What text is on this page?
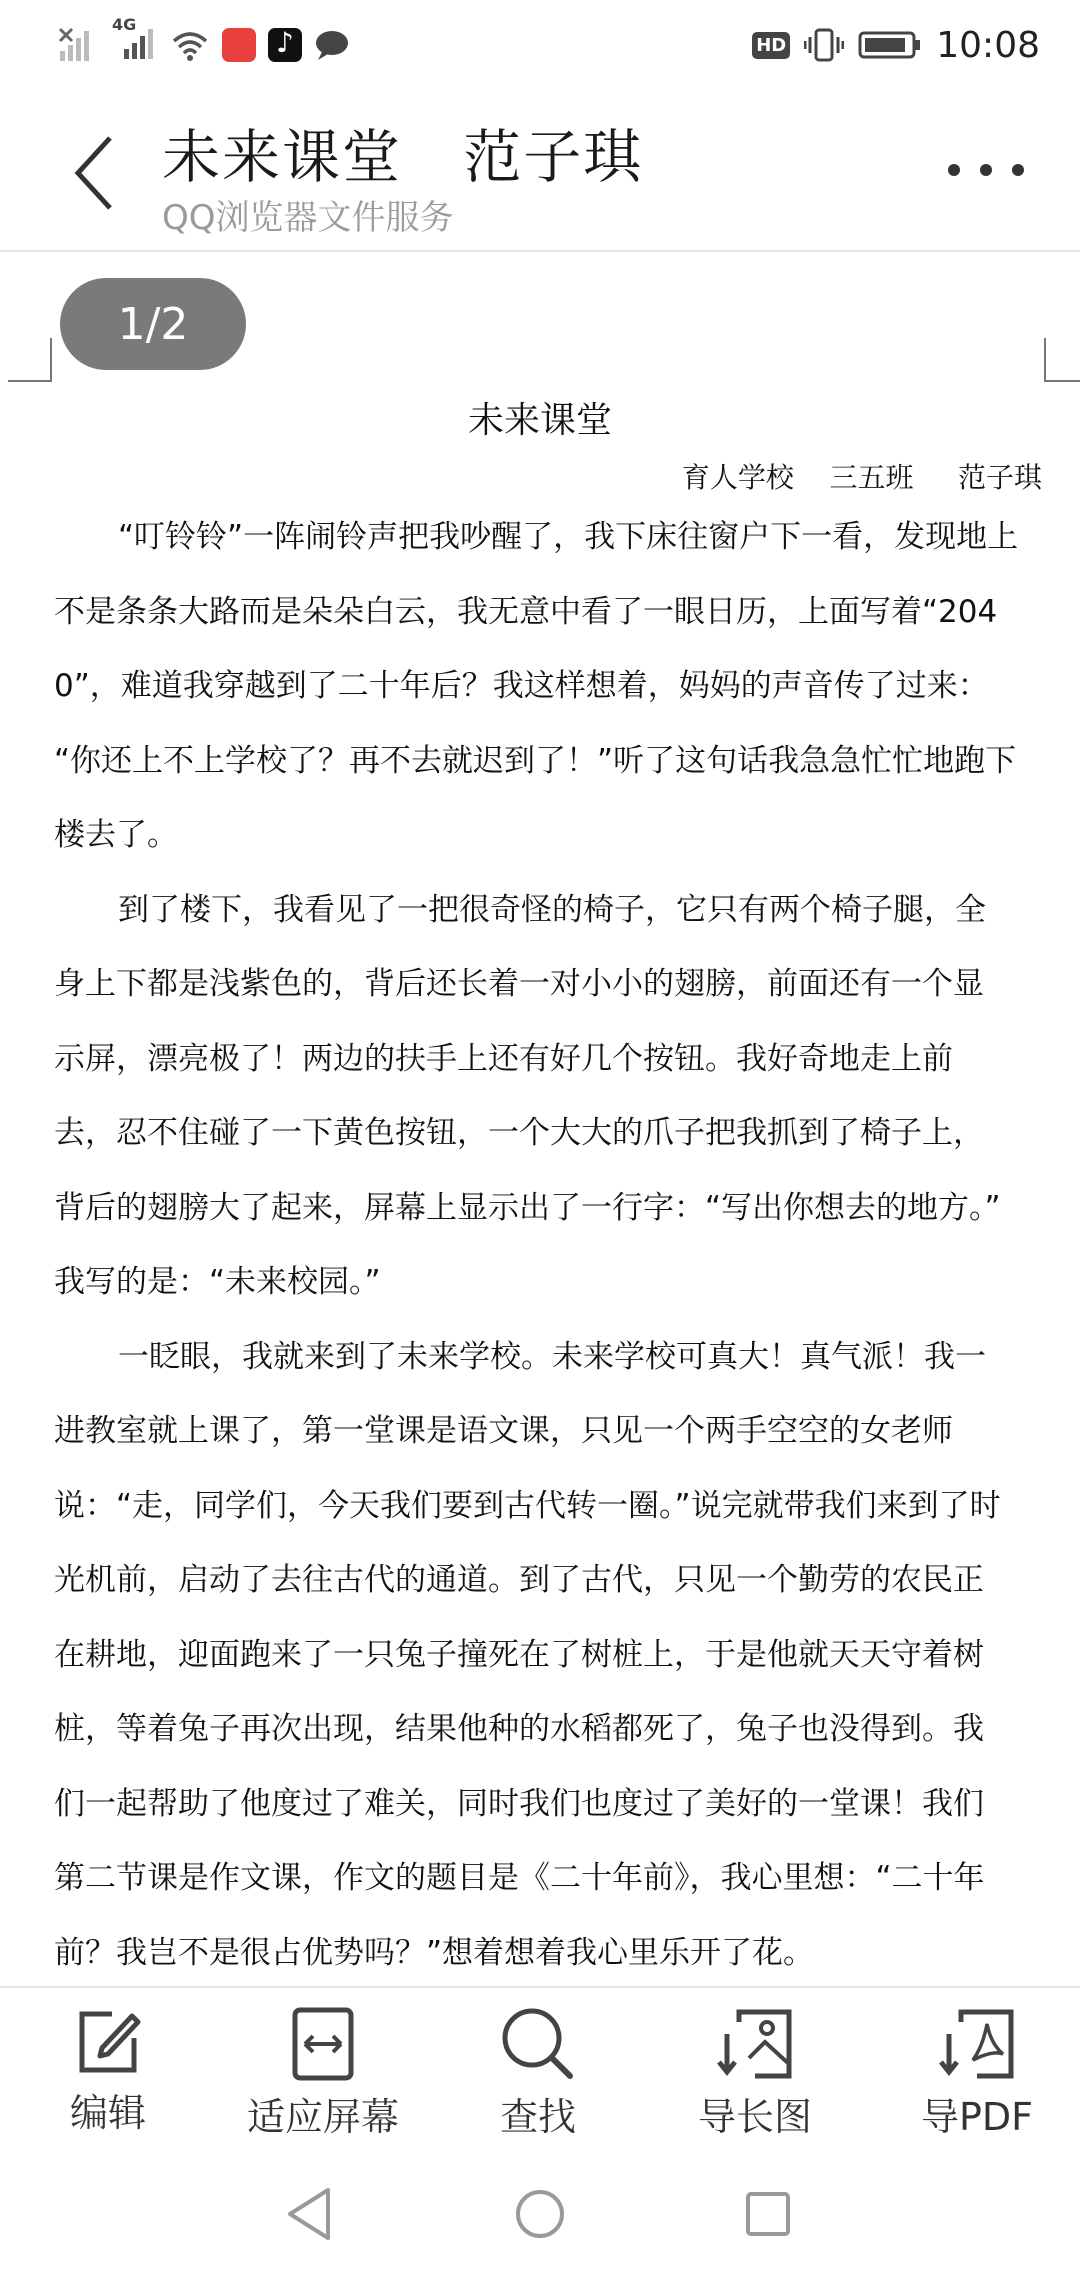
4G
♪
HD	10:08
未来课堂   范子琪
QQ浏览器文件服务
1/2
未来课堂
育人学校    三五班     范子琪
“叮铃铃”一阵闹铃声把我吵醒了，我下床往窗户下一看，发现地上
不是条条大路而是朵朵白云，我无意中看了一眼日历，上面写着“204
0”，难道我穿越到了二十年后？我这样想着，妈妈的声音传了过来：
“你还上不上学校了？再不去就迟到了！”听了这句话我急急忙忙地跑下
楼去了。
到了楼下，我看见了一把很奇怪的椅子，它只有两个椅子腿，全
身上下都是浅紫色的，背后还长着一对小小的翅膀，前面还有一个显
示屏，漂亮极了！两边的扶手上还有好几个按钮。我好奇地走上前
去，忍不住碰了一下黄色按钮，一个大大的爪子把我抓到了椅子上，
背后的翅膀大了起来，屏幕上显示出了一行字：“写出你想去的地方。”
我写的是：“未来校园。”
一眨眼，我就来到了未来学校。未来学校可真大！真气派！我一
进教室就上课了，第一堂课是语文课，只见一个两手空空的女老师
说：“走，同学们，今天我们要到古代转一圈。”说完就带我们来到了时
光机前，启动了去往古代的通道。到了古代，只见一个勤劳的农民正
在耕地，迎面跑来了一只兔子撞死在了树桩上，于是他就天天守着树
桩，等着兔子再次出现，结果他种的水稻都死了，兔子也没得到。我
们一起帮助了他度过了难关，同时我们也度过了美好的一堂课！我们
第二节课是作文课，作文的题目是《二十年前》，我心里想：“二十年
前？我岂不是很占优势吗？”想着想着我心里乐开了花。
编辑	适应屏幕	查找	导长图	导PDF
